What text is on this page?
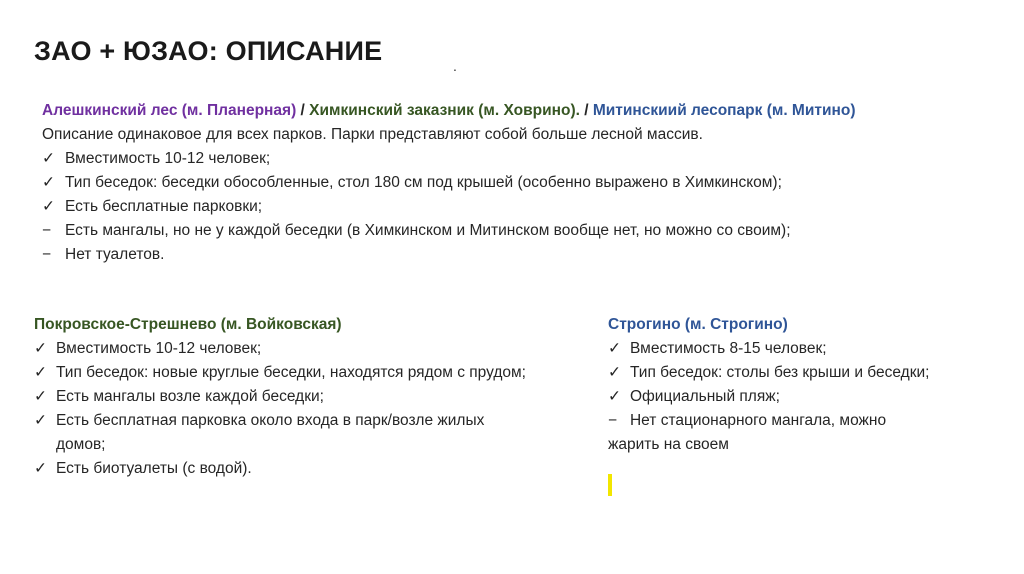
ЗАО + ЮЗАО: ОПИСАНИЕ	.
Алешкинский лес (м. Планерная) / Химкинский заказник (м. Ховрино). / Митинскиий лесопарк (м. Митино)
Описание одинаковое для всех парков. Парки представляют собой больше лесной массив.
✓ Вместимость 10-12 человек;
✓ Тип беседок: беседки обособленные, стол 180 см под крышей (особенно выражено в Химкинском);
✓ Есть бесплатные парковки;
− Есть мангалы, но не у каждой беседки (в Химкинском и Митинском вообще нет, но можно со своим);
− Нет туалетов.
Покровское-Стрешнево (м. Войковская)
✓ Вместимость 10-12 человек;
✓ Тип беседок: новые круглые беседки, находятся рядом с прудом;
✓ Есть мангалы возле каждой беседки;
✓ Есть бесплатная парковка около входа в парк/возле жилых домов;
✓ Есть биотуалеты (с водой).
Строгино (м. Строгино)
✓ Вместимость 8-15 человек;
✓ Тип беседок: столы без крыши и беседки;
✓ Официальный пляж;
− Нет стационарного мангала, можно жарить на своем
